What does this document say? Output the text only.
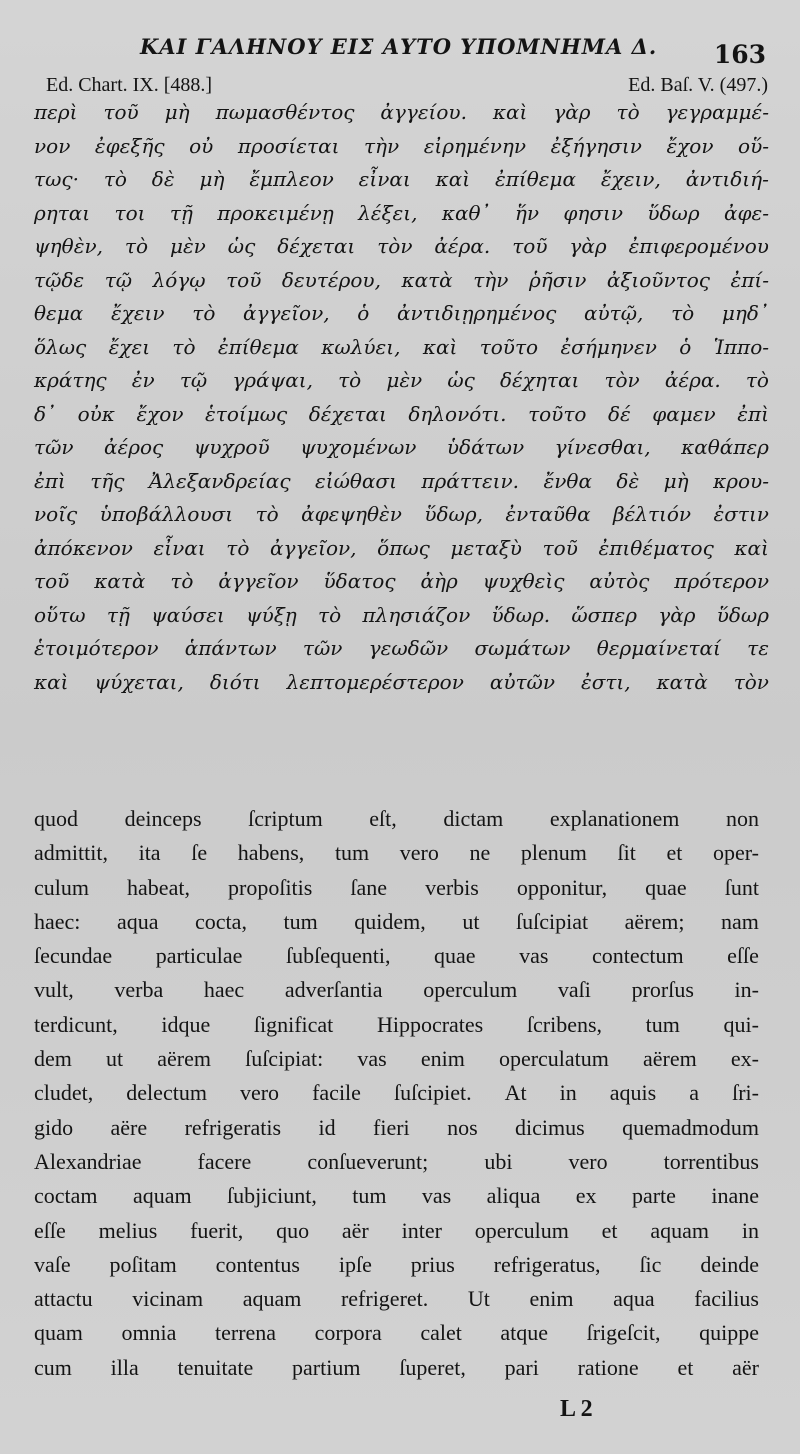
ΚΑΙ ΓΑΛΗΝΟΥ ΕΙΣ ΑΥΤΟ ΥΠΟΜΝΗΜΑ Δ. 163
Ed. Chart. IX. [488.]	Ed. Baſ. V. (497.)
περὶ τοῦ μὴ πωμασθέντος ἀγγείου. καὶ γὰρ τὸ γεγραμμέ-
νον ἐφεξῆς οὐ προσίεται τὴν εἰρημένην ἐξήγησιν ἔχον οὕ-
τως· τὸ δὲ μὴ ἔμπλεον εἶναι καὶ ἐπίθεμα ἔχειν, ἀντιδιή-
ρηται τοι τῇ προκειμένῃ λέξει, καθ᾽ ἥν φησιν ὕδωρ ἀφε-
ψηθὲν, τὸ μὲν ὡς δέχεται τὸν ἀέρα. τοῦ γὰρ ἐπιφερομένου
τῷδε τῷ λόγῳ τοῦ δευτέρου, κατὰ τὴν ῥῆσιν ἀξιοῦντος ἐπί-
θεμα ἔχειν τὸ ἀγγεῖον, ὁ ἀντιδιῃρημένος αὐτῷ, τὸ μηδ᾽
ὅλως ἔχει τὸ ἐπίθεμα κωλύει, καὶ τοῦτο ἐσήμηνεν ὁ Ἱππο-
κράτης ἐν τῷ γράψαι, τὸ μὲν ὡς δέχηται τὸν ἀέρα. τὸ
δ᾽ οὐκ ἔχον ἑτοίμως δέχεται δηλονότι. τοῦτο δέ φαμεν ἐπὶ
τῶν ἀέρος ψυχροῦ ψυχομένων ὑδάτων γίνεσθαι, καθάπερ
ἐπὶ τῆς Ἀλεξανδρείας εἰώθασι πράττειν. ἔνθα δὲ μὴ κρου-
νοῖς ὑποβάλλουσι τὸ ἀφεψηθὲν ὕδωρ, ἐνταῦθα βέλτιόν ἐστιν
ἀπόκενον εἶναι τὸ ἀγγεῖον, ὅπως μεταξὺ τοῦ ἐπιθέματος καὶ
τοῦ κατὰ τὸ ἀγγεῖον ὕδατος ἀὴρ ψυχθεὶς αὐτὸς πρότερον
οὕτω τῇ ψαύσει ψύξῃ τὸ πλησιάζον ὕδωρ. ὥσπερ γὰρ ὕδωρ
ἑτοιμότερον ἁπάντων τῶν γεωδῶν σωμάτων θερμαίνεταί τε
καὶ ψύχεται, διότι λεπτομερέστερον αὐτῶν ἐστι, κατὰ τὸν
quod deinceps ſcriptum eſt, dictam explanationem non
admittit, ita ſe habens, tum vero ne plenum ſit et oper-
culum habeat, propoſitis ſane verbis opponitur, quae ſunt
haec: aqua cocta, tum quidem, ut ſuſcipiat aërem; nam
ſecundae particulae ſubſequenti, quae vas contectum eſſe
vult, verba haec adverſantia operculum vaſi prorſus in-
terdicunt, idque ſignificat Hippocrates ſcribens, tum qui-
dem ut aërem ſuſcipiat: vas enim operculatum aërem ex-
cludet, delectum vero facile ſuſcipiet. At in aquis a ſri-
gido aëre refrigeratis id fieri nos dicimus quemadmodum
Alexandriae	facere	conſueverunt;	ubi	vero	torrentibus
coctam aquam ſubjiciunt, tum vas aliqua ex parte inane
eſſe melius fuerit, quo aër inter operculum et aquam in
vaſe poſitam contentus ipſe prius refrigeratus, ſic deinde
attactu vicinam aquam refrigeret. Ut enim aqua facilius
quam omnia terrena corpora calet atque ſrigeſcit, quippe
cum illa tenuitate partium ſuperet, pari ratione et aër
L 2
